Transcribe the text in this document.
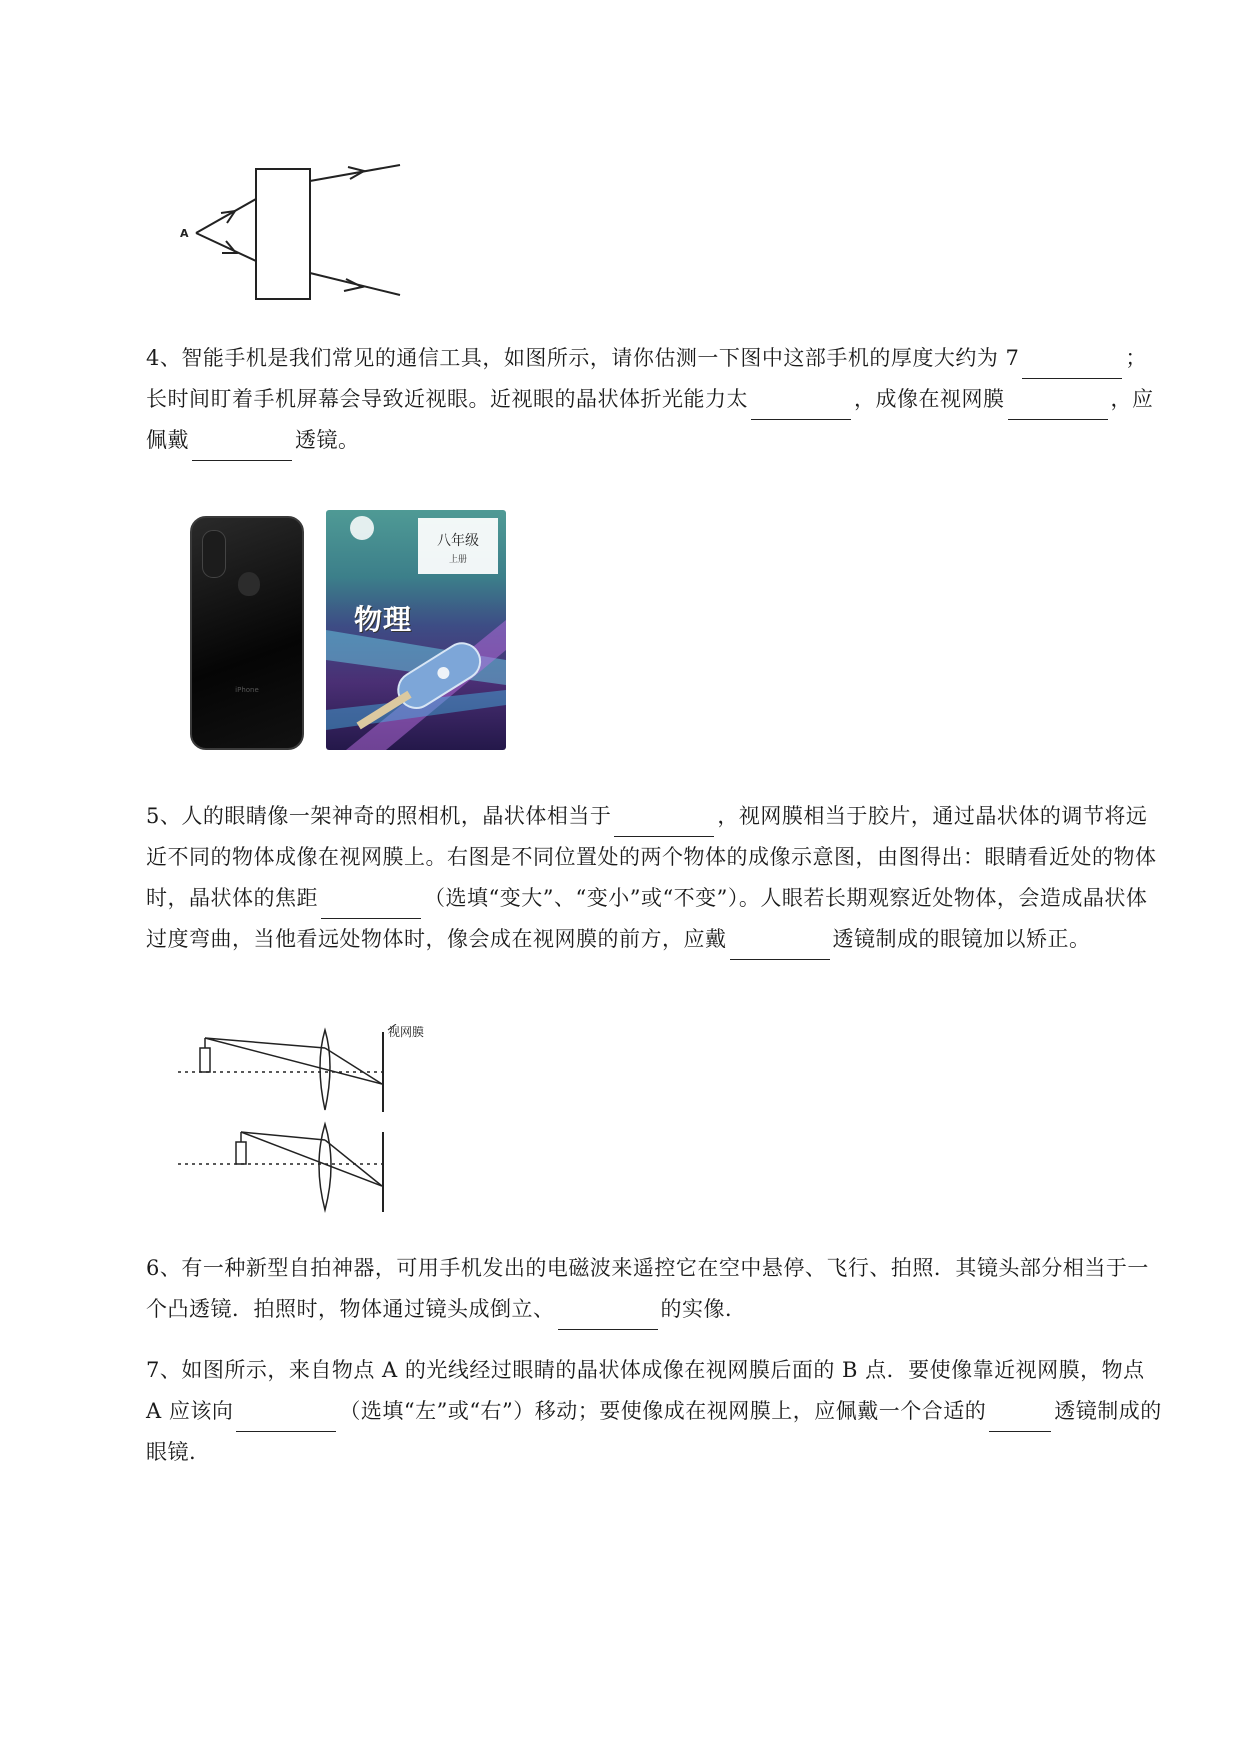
A
4、智能手机是我们常见的通信工具，如图所示，请你估测一下图中这部手机的厚度大约为 7	；长时间盯着手机屏幕会导致近视眼。近视眼的晶状体折光能力太	，成像在视网膜	，应佩戴	透镜。
iPhone
八年级
上册
物理
5、人的眼睛像一架神奇的照相机，晶状体相当于	，视网膜相当于胶片，通过晶状体的调节将远近不同的物体成像在视网膜上。右图是不同位置处的两个物体的成像示意图，由图得出：眼睛看近处的物体时，晶状体的焦距	（选填“变大”、“变小”或“不变”）。人眼若长期观察近处物体，会造成晶状体过度弯曲，当他看远处物体时，像会成在视网膜的前方，应戴	透镜制成的眼镜加以矫正。
视网膜
6、有一种新型自拍神器，可用手机发出的电磁波来遥控它在空中悬停、飞行、拍照．其镜头部分相当于一个凸透镜．拍照时，物体通过镜头成倒立、	的实像．
7、如图所示，来自物点 A 的光线经过眼睛的晶状体成像在视网膜后面的 B 点．要使像靠近视网膜，物点 A 应该向	（选填“左”或“右”）移动；要使像成在视网膜上，应佩戴一个合适的	透镜制成的眼镜.
